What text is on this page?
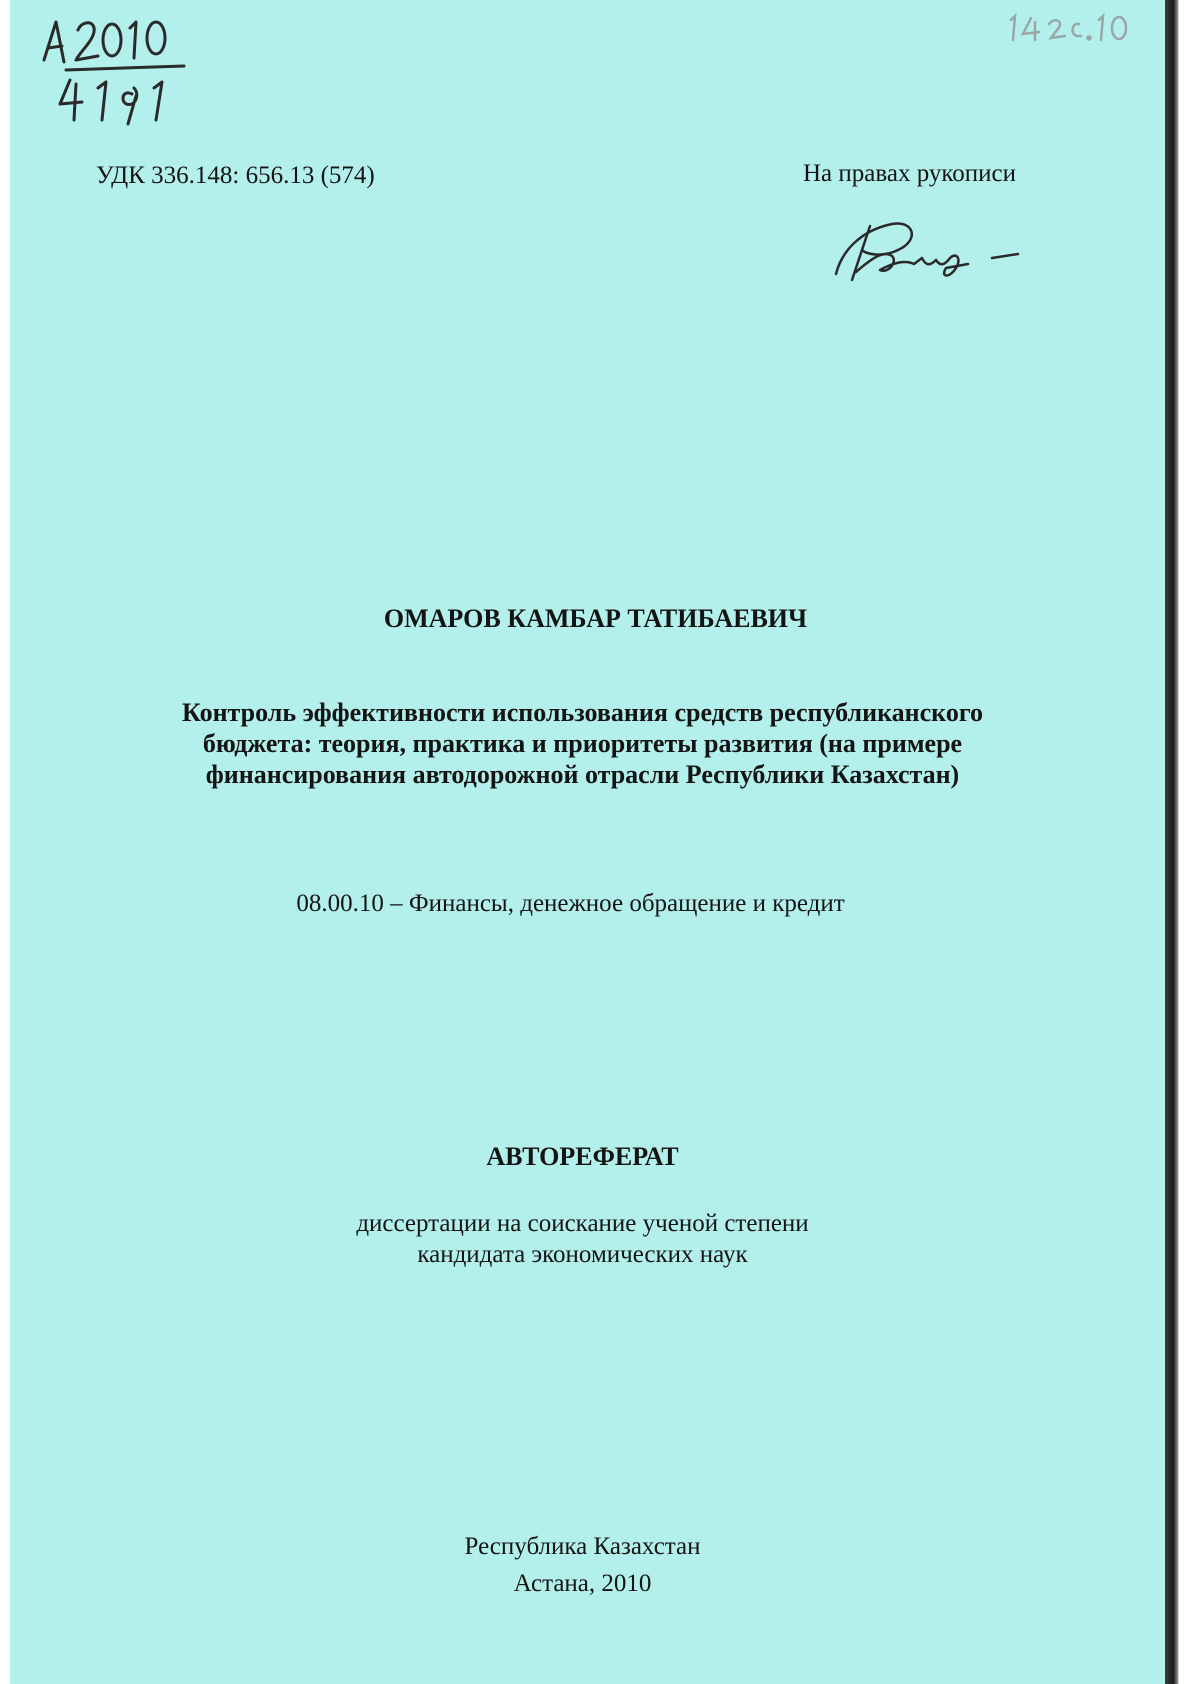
УДК 336.148: 656.13 (574)	На правах рукописи
ОМАРОВ КАМБАР ТАТИБАЕВИЧ
Контроль эффективности использования средств республиканского
бюджета: теория, практика и приоритеты развития (на примере
финансирования автодорожной отрасли Республики Казахстан)
08.00.10 – Финансы, денежное обращение и кредит
АВТОРЕФЕРАТ
диссертации на соискание ученой степени
кандидата экономических наук
Республика Казахстан
Астана, 2010
